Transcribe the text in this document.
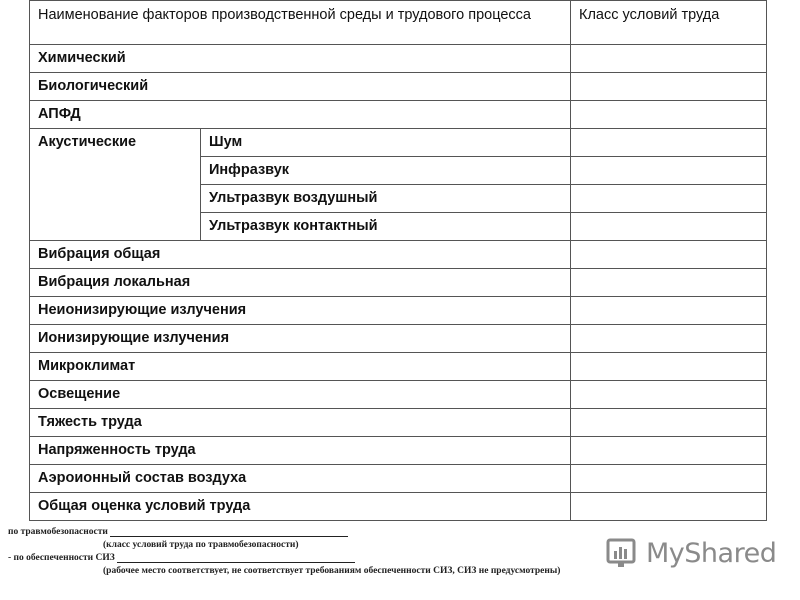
Наименование факторов производственной среды и трудового процесса		Класс условий труда
Химический		
Биологический		
АПФД		
Акустические	Шум	
	Инфразвук	
	Ультразвук воздушный	
	Ультразвук контактный	
Вибрация общая		
Вибрация локальная		
Неионизирующие излучения		
Ионизирующие излучения		
Микроклимат		
Освещение		
Тяжесть труда		
Напряженность труда		
Аэроионный состав воздуха		
Общая оценка условий труда		
по травмобезопасности
(класс условий труда по травмобезопасности)
- по обеспеченности СИЗ
(рабочее место соответствует, не соответствует требованиям обеспеченности СИЗ, СИЗ не предусмотрены)
MyShared
